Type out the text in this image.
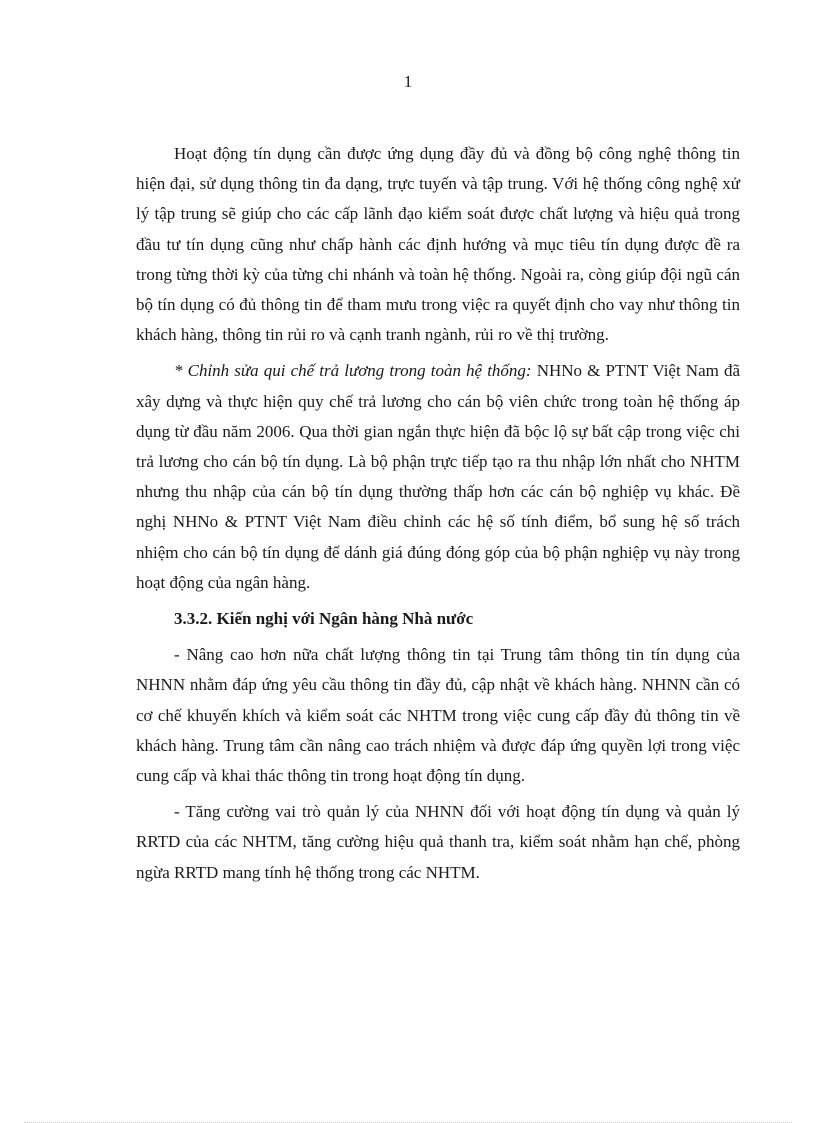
1

Hoạt động tín dụng cần được ứng dụng đầy đủ và đồng bộ công nghệ thông tin hiện đại, sử dụng thông tin đa dạng, trực tuyến và tập trung. Với hệ thống công nghệ xử lý tập trung sẽ giúp cho các cấp lãnh đạo kiểm soát được chất lượng và hiệu quả trong đầu tư tín dụng cũng như chấp hành các định hướng và mục tiêu tín dụng được đề ra trong từng thời kỳ của từng chi nhánh và toàn hệ thống. Ngoài ra, còng giúp đội ngũ cán bộ tín dụng có đủ thông tin để tham mưu trong việc ra quyết định cho vay như thông tin khách hàng, thông tin rủi ro và cạnh tranh ngành, rủi ro về thị trường.

* Chỉnh sửa qui chế trả lương trong toàn hệ thống: NHNo & PTNT Việt Nam đã xây dựng và thực hiện quy chế trả lương cho cán bộ viên chức trong toàn hệ thống áp dụng từ đầu năm 2006. Qua thời gian ngắn thực hiện đã bộc lộ sự bất cập trong việc chi trả lương cho cán bộ tín dụng. Là bộ phận trực tiếp tạo ra thu nhập lớn nhất cho NHTM nhưng thu nhập của cán bộ tín dụng thường thấp hơn các cán bộ nghiệp vụ khác. Đề nghị NHNo & PTNT Việt Nam điều chỉnh các hệ số tính điểm, bổ sung hệ số trách nhiệm cho cán bộ tín dụng để dánh giá đúng đóng góp của bộ phận nghiệp vụ này trong hoạt động của ngân hàng.

3.3.2. Kiến nghị với Ngân hàng Nhà nước

- Nâng cao hơn nữa chất lượng thông tin tại Trung tâm thông tin tín dụng của NHNN nhằm đáp ứng yêu cầu thông tin đầy đủ, cập nhật về khách hàng. NHNN cần có cơ chế khuyến khích và kiểm soát các NHTM trong việc cung cấp đầy đủ thông tin về khách hàng. Trung tâm cần nâng cao trách nhiệm và được đáp ứng quyền lợi trong việc cung cấp và khai thác thông tin trong hoạt động tín dụng.

- Tăng cường vai trò quản lý của NHNN đối với hoạt động tín dụng và quản lý RRTD của các NHTM, tăng cường hiệu quả thanh tra, kiểm soát nhằm hạn chế, phòng ngừa RRTD mang tính hệ thống trong các NHTM.
